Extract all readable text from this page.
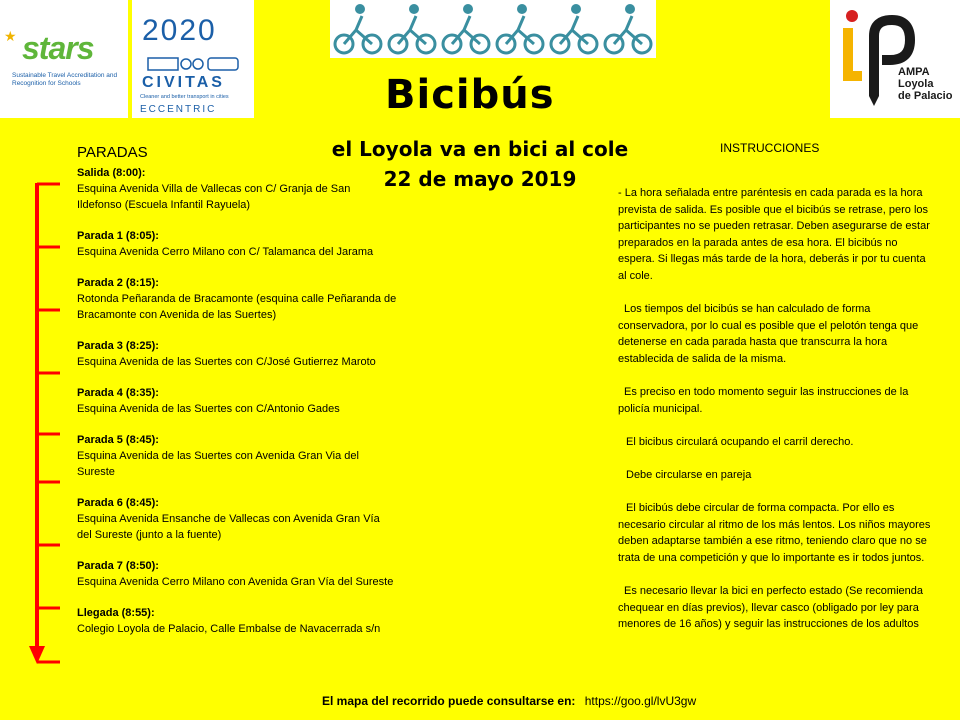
★ stars
Sustainable Travel Accreditation and Recognition for Schools
2020
CIVITAS
Cleaner and better transport in cities
ECCENTRIC
AMPA
Loyola
de Palacio
Bicibús
el Loyola va en bici al cole
22 de mayo 2019
PARADAS
Salida (8:00):
Esquina Avenida Villa de Vallecas con C/ Granja de San Ildefonso (Escuela Infantil Rayuela)
Parada 1 (8:05):
Esquina Avenida Cerro Milano con C/ Talamanca del Jarama
Parada 2 (8:15):
Rotonda Peñaranda de Bracamonte (esquina calle Peñaranda de Bracamonte con Avenida de las Suertes)
Parada 3 (8:25):
Esquina Avenida de las Suertes con C/José Gutierrez Maroto
Parada 4 (8:35):
Esquina Avenida de las Suertes con C/Antonio Gades
Parada 5 (8:45):
Esquina Avenida de las Suertes con Avenida Gran Via del Sureste
Parada 6 (8:45):
Esquina Avenida Ensanche de Vallecas con Avenida Gran Vía del Sureste (junto a la fuente)
Parada 7 (8:50):
Esquina Avenida Cerro Milano con Avenida Gran Vía del Sureste
Llegada (8:55):
Colegio Loyola de Palacio, Calle Embalse de Navacerrada s/n
INSTRUCCIONES

- La hora señalada entre paréntesis en cada parada es la hora prevista de salida. Es posible que el bicibús se retrase, pero los participantes no se pueden retrasar. Deben asegurarse de estar preparados en la parada antes de esa hora. El bicibús no espera. Si llegas más tarde de la hora, deberás ir por tu cuenta al cole.

Los tiempos del bicibús se han calculado de forma conservadora, por lo cual es posible que el pelotón tenga que detenerse en cada parada hasta que transcurra la hora establecida de salida de la misma.

Es preciso en todo momento seguir las instrucciones de la policía municipal.

El bicibus circulará ocupando el carril derecho.

Debe circularse en pareja

El bicibús debe circular de forma compacta. Por ello es necesario circular al ritmo de los más lentos. Los niños mayores deben adaptarse también a ese ritmo, teniendo claro que no se trata de una competición y que lo importante es ir todos juntos.

Es necesario llevar la bici en perfecto estado (Se recomienda chequear en días previos), llevar casco (obligado por ley para menores de 16 años) y seguir las instrucciones de los adultos

El mapa del recorrido puede consultarse en: https://goo.gl/lvU3gw
